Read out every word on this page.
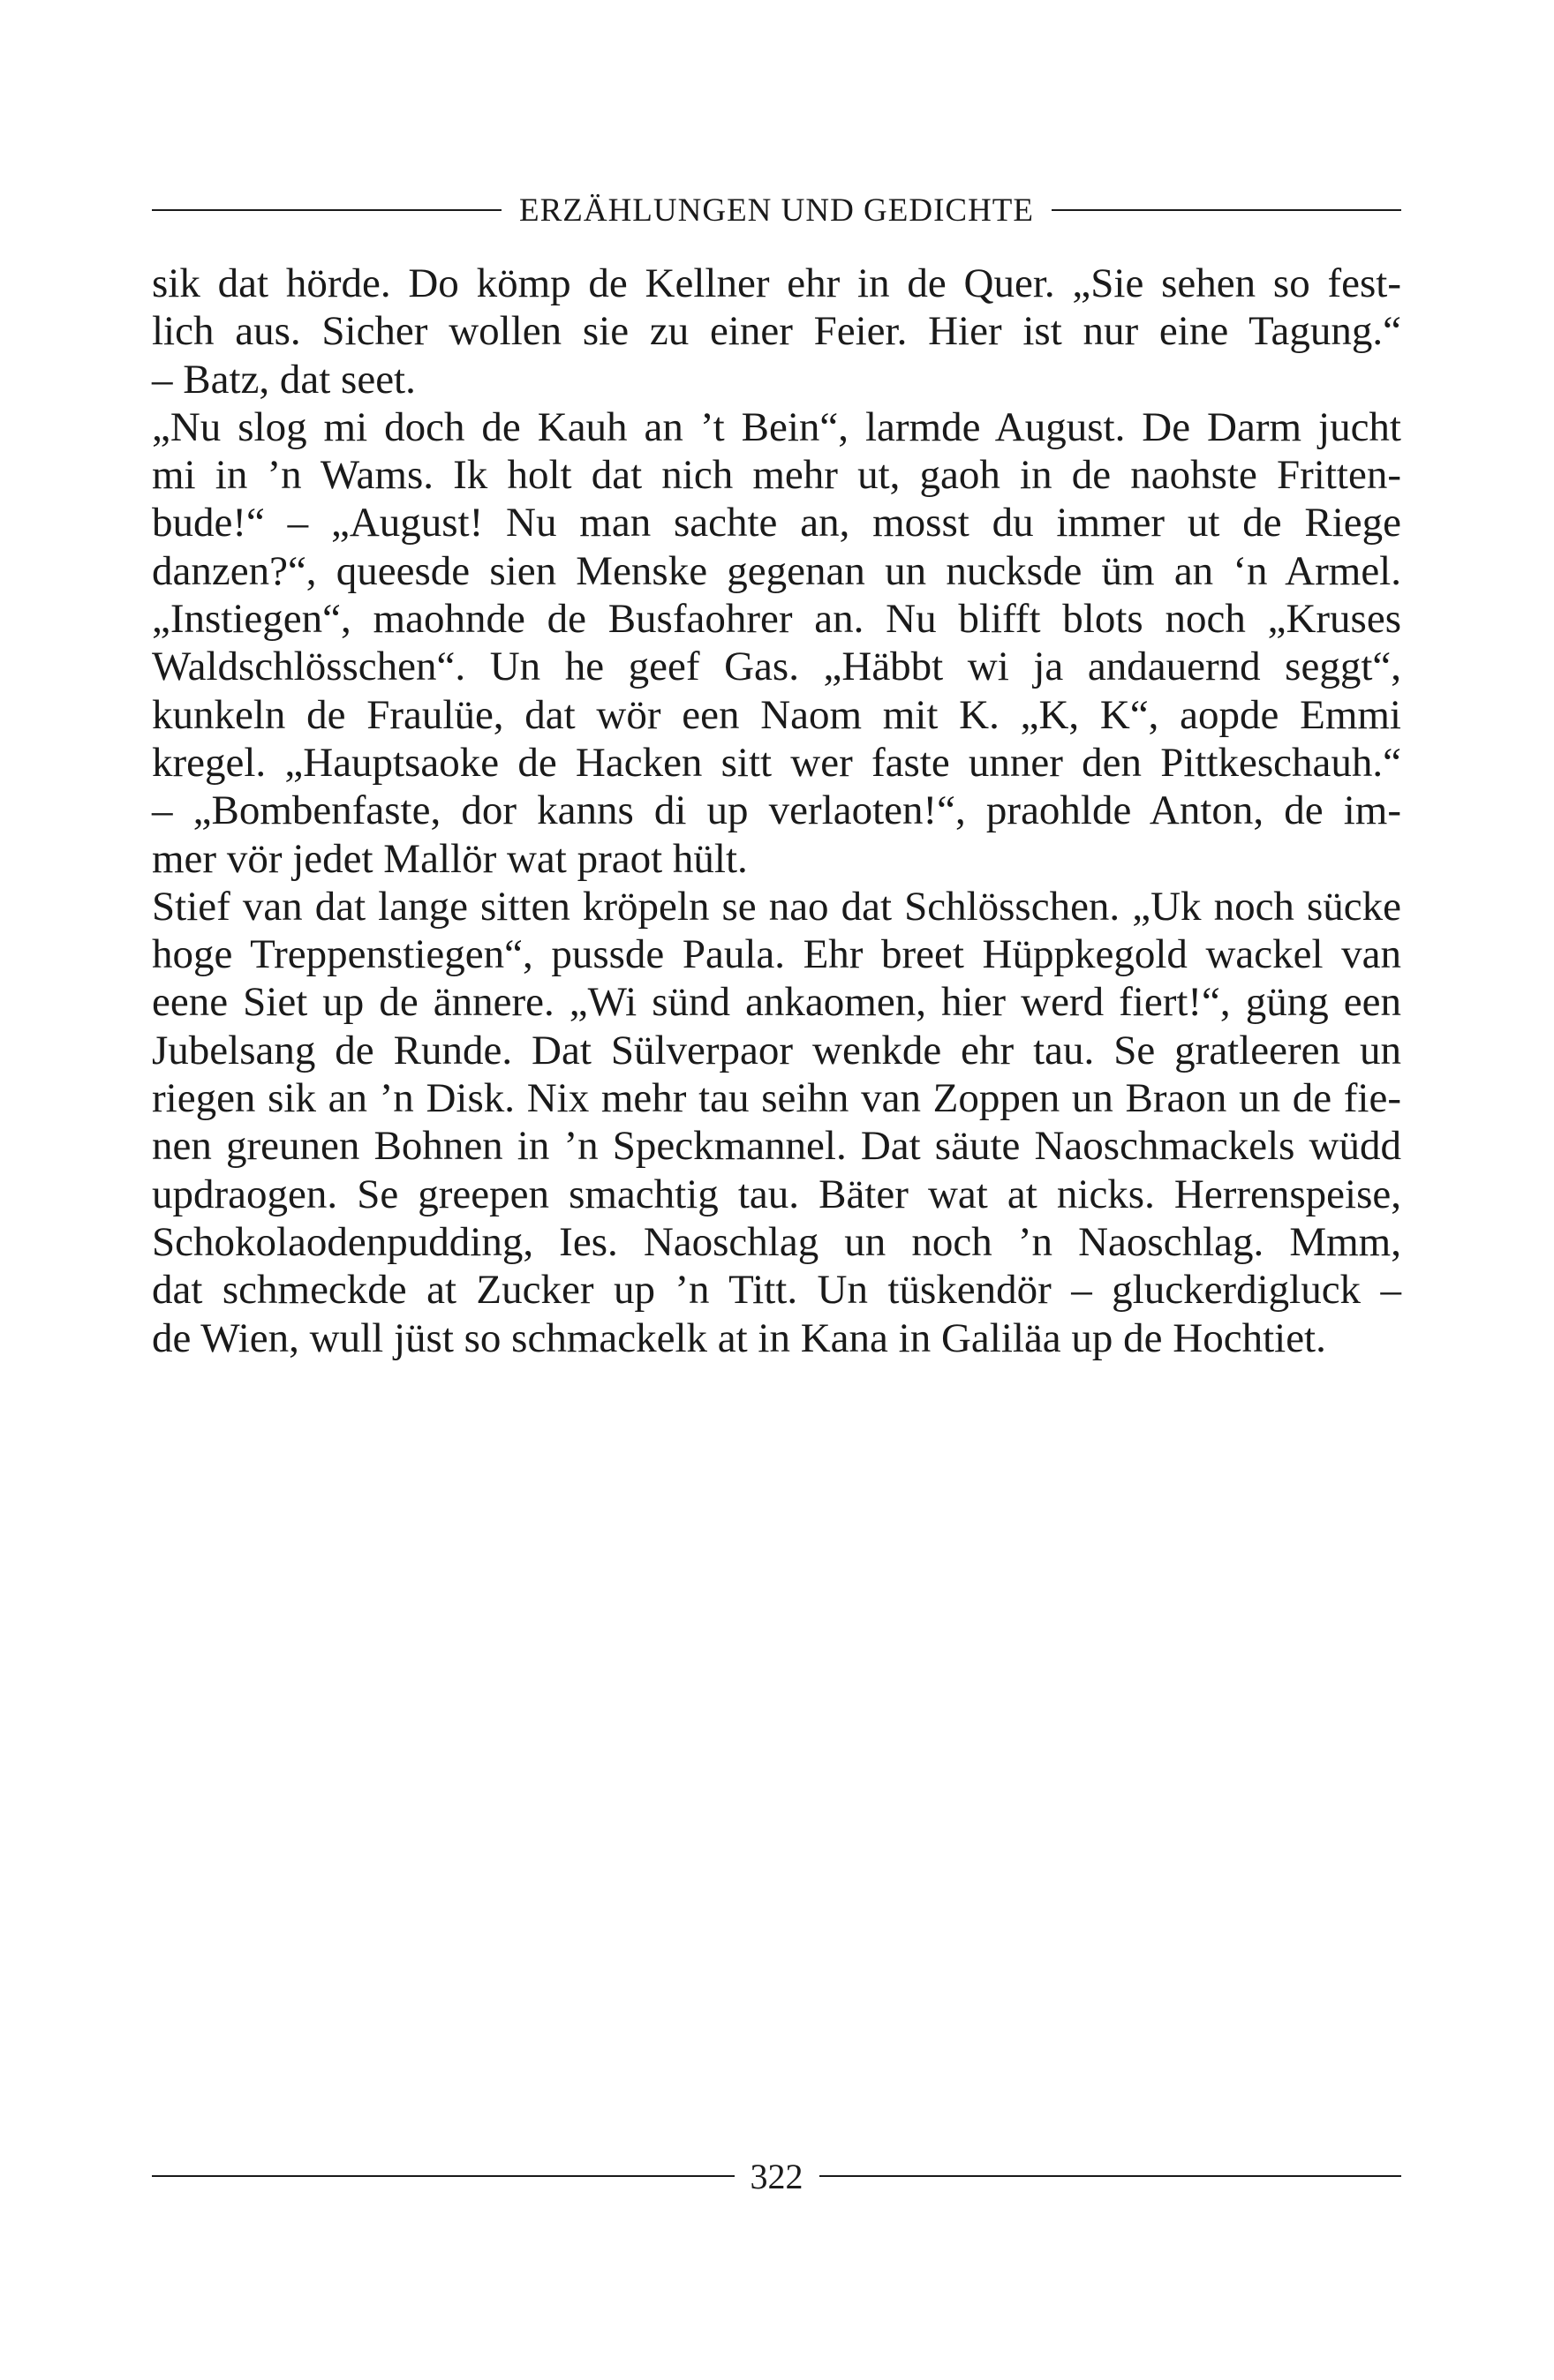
ERZÄHLUNGEN UND GEDICHTE
sik dat hörde. Do kömp de Kellner ehr in de Quer. „Sie sehen so fest-
lich aus. Sicher wollen sie zu einer Feier. Hier ist nur eine Tagung.“
– Batz, dat seet.
„Nu slog mi doch de Kauh an ’t Bein“, larmde August. De Darm jucht
mi in ’n Wams. Ik holt dat nich mehr ut, gaoh in de naohste Fritten-
bude!“ – „August! Nu man sachte an, mosst du immer ut de Riege
danzen?“, queesde sien Menske gegenan un nucksde üm an ‘n Armel.
„Instiegen“, maohnde de Busfaohrer an. Nu blifft blots noch „Kruses
Waldschlösschen“. Un he geef Gas. „Häbbt wi ja andauernd seggt“,
kunkeln de Fraulüe, dat wör een Naom mit K. „K, K“, aopde Emmi
kregel. „Hauptsaoke de Hacken sitt wer faste unner den Pittkeschauh.“
– „Bombenfaste, dor kanns di up verlaoten!“, praohlde Anton, de im-
mer vör jedet Mallör wat praot hült.
Stief van dat lange sitten kröpeln se nao dat Schlösschen. „Uk noch sücke
hoge Treppenstiegen“, pussde Paula. Ehr breet Hüppkegold wackel van
eene Siet up de ännere. „Wi sünd ankaomen, hier werd fiert!“, güng een
Jubelsang de Runde. Dat Sülverpaor wenkde ehr tau. Se gratleeren un
riegen sik an ’n Disk. Nix mehr tau seihn van Zoppen un Braon un de fie-
nen greunen Bohnen in ’n Speckmannel. Dat säute Naoschmackels wüdd
updraogen. Se greepen smachtig tau. Bäter wat at nicks. Herrenspeise,
Schokolaodenpudding, Ies. Naoschlag un noch ’n Naoschlag. Mmm,
dat schmeckde at Zucker up ’n Titt. Un tüskendör – gluckerdigluck –
de Wien, wull jüst so schmackelk at in Kana in Galiläa up de Hochtiet.
322
